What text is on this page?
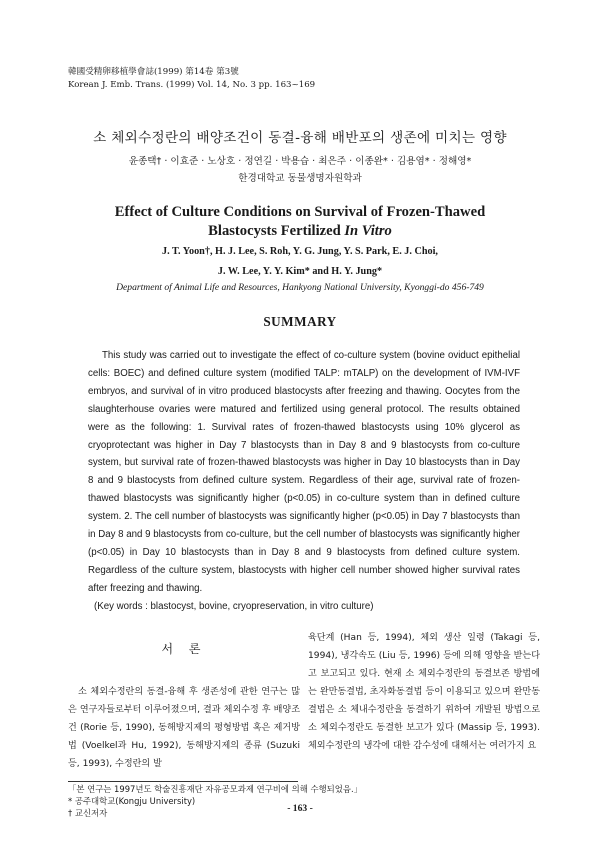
韓國受精卵移植學會誌(1999) 第14卷 第3號
Korean J. Emb. Trans. (1999) Vol. 14, No. 3 pp. 163~169
소 체외수정란의 배양조건이 동결-융해 배반포의 생존에 미치는 영향
윤종택† · 이효준 · 노상호 · 정연길 · 박용습 · 최은주 · 이종완* · 김용염* · 정해영*
한경대학교 동물생명자원학과
Effect of Culture Conditions on Survival of Frozen-Thawed
Blastocysts Fertilized In Vitro
J. T. Yoon†, H. J. Lee, S. Roh, Y. G. Jung, Y. S. Park, E. J. Choi,
J. W. Lee, Y. Y. Kim* and H. Y. Jung*
Department of Animal Life and Resources, Hankyong National University, Kyonggi-do 456-749
SUMMARY

This study was carried out to investigate the effect of co-culture system (bovine oviduct epithelial cells: BOEC) and defined culture system (modified TALP: mTALP) on the development of IVM-IVF embryos, and survival of in vitro produced blastocysts after freezing and thawing. Oocytes from the slaughterhouse ovaries were matured and fertilized using general protocol. The results obtained were as the following: 1. Survival rates of frozen-thawed blastocysts using 10% glycerol as cryoprotectant was higher in Day 7 blastocysts than in Day 8 and 9 blastocysts from co-culture system, but survival rate of frozen-thawed blastocysts was higher in Day 10 blastocysts than in Day 8 and 9 blastocysts from defined culture system. Regardless of their age, survival rate of frozen-thawed blastocysts was significantly higher (p<0.05) in co-culture system than in defined culture system. 2. The cell number of blastocysts was significantly higher (p<0.05) in Day 7 blastocysts than in Day 8 and 9 blastocysts from co-culture, but the cell number of blastocysts was significantly higher (p<0.05) in Day 10 blastocysts than in Day 8 and 9 blastocysts from defined culture system. Regardless of the culture system, blastocysts with higher cell number showed higher survival rates after freezing and thawing.

(Key words : blastocyst, bovine, cryopreservation, in vitro culture)

서 론

소 체외수정란의 동결-융해 후 생존성에 관한 연구는 많은 연구자들로부터 이루어졌으며, 결과 체외수정 후 배양조건 (Rorie 등, 1990), 동해방지제의 평형방법 혹은 제거방법 (Voelkel과 Hu, 1992), 동해방지제의 종류 (Suzuki 등, 1993), 수정란의 발

육단계 (Han 등, 1994), 체외 생산 일령 (Takagi 등, 1994), 냉각속도 (Liu 등, 1996) 등에 의해 영향을 받는다고 보고되고 있다. 현재 소 체외수정란의 동결보존 방법에는 완만동결법, 초자화동결법 등이 이용되고 있으며 완만동결법은 소 체내수정란을 동결하기 위하여 개발된 방법으로 소 체외수정란도 동결한 보고가 있다 (Massip 등, 1993). 체외수정란의 냉각에 대한 감수성에 대해서는 여러가지 요

「본 연구는 1997년도 학술진흥재단 자유공모과제 연구비에 의해 수행되었음.」
* 공주대학교(Kongju University)
† 교신저자	- 163 -
